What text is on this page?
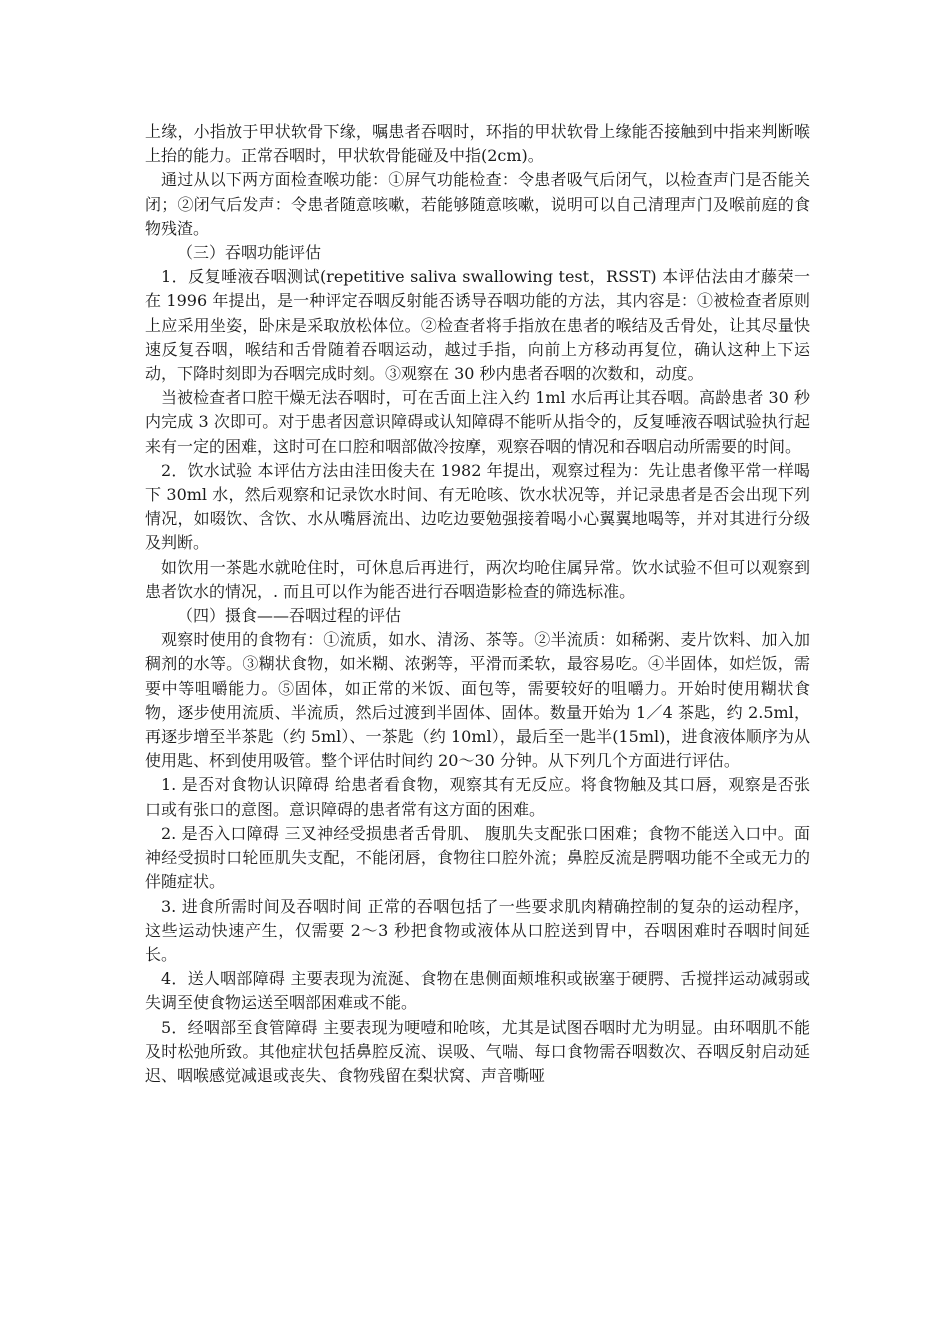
上缘，小指放于甲状软骨下缘，嘱患者吞咽时，环指的甲状软骨上缘能否接触到中指来判断喉上抬的能力。正常吞咽时，甲状软骨能碰及中指(2cm)。

通过从以下两方面检查喉功能：①屏气功能检查：令患者吸气后闭气，以检查声门是否能关闭；②闭气后发声：令患者随意咳嗽，若能够随意咳嗽，说明可以自己清理声门及喉前庭的食物残渣。

（三）吞咽功能评估

1．反复唾液吞咽测试(repetitive saliva swallowing test，RSST) 本评估法由才藤荣一在 1996 年提出，是一种评定吞咽反射能否诱导吞咽功能的方法，其内容是：①被检查者原则上应采用坐姿，卧床是采取放松体位。②检查者将手指放在患者的喉结及舌骨处，让其尽量快速反复吞咽，喉结和舌骨随着吞咽运动，越过手指，向前上方移动再复位，确认这种上下运动，下降时刻即为吞咽完成时刻。③观察在 30 秒内患者吞咽的次数和，动度。

当被检查者口腔干燥无法吞咽时，可在舌面上注入约 1ml 水后再让其吞咽。高龄患者 30 秒内完成 3 次即可。对于患者因意识障碍或认知障碍不能听从指令的，反复唾液吞咽试验执行起来有一定的困难，这时可在口腔和咽部做冷按摩，观察吞咽的情况和吞咽启动所需要的时间。

2．饮水试验 本评估方法由洼田俊夫在 1982 年提出，观察过程为：先让患者像平常一样喝下 30ml 水，然后观察和记录饮水时间、有无呛咳、饮水状况等，并记录患者是否会出现下列情况，如啜饮、含饮、水从嘴唇流出、边吃边要勉强接着喝小心翼翼地喝等，并对其进行分级及判断。

如饮用一茶匙水就呛住时，可休息后再进行，两次均呛住属异常。饮水试验不但可以观察到患者饮水的情况，. 而且可以作为能否进行吞咽造影检查的筛选标准。

（四）摄食——吞咽过程的评估

观察时使用的食物有：①流质，如水、清汤、茶等。②半流质：如稀粥、麦片饮料、加入加稠剂的水等。③糊状食物，如米糊、浓粥等，平滑而柔软，最容易吃。④半固体，如烂饭，需要中等咀嚼能力。⑤固体，如正常的米饭、面包等，需要较好的咀嚼力。开始时使用糊状食物，逐步使用流质、半流质，然后过渡到半固体、固体。数量开始为 1／4 茶匙，约 2.5ml，再逐步增至半茶匙（约 5ml）、一茶匙（约 10ml），最后至一匙半(15ml)，进食液体顺序为从使用匙、杯到使用吸管。整个评估时间约 20～30 分钟。从下列几个方面进行评估。

1. 是否对食物认识障碍 给患者看食物，观察其有无反应。将食物触及其口唇，观察是否张口或有张口的意图。意识障碍的患者常有这方面的困难。

2. 是否入口障碍 三叉神经受损患者舌骨肌、 腹肌失支配张口困难；食物不能送入口中。面神经受损时口轮匝肌失支配，不能闭唇，食物往口腔外流；鼻腔反流是腭咽功能不全或无力的伴随症状。

3. 进食所需时间及吞咽时间 正常的吞咽包括了一些要求肌肉精确控制的复杂的运动程序，这些运动快速产生，仅需要 2～3 秒把食物或液体从口腔送到胃中，吞咽困难时吞咽时间延长。

4．送人咽部障碍 主要表现为流涎、食物在患侧面颊堆积或嵌塞于硬腭、舌搅拌运动减弱或失调至使食物运送至咽部困难或不能。

5．经咽部至食管障碍 主要表现为哽噎和呛咳，尤其是试图吞咽时尤为明显。由环咽肌不能及时松弛所致。其他症状包括鼻腔反流、误吸、气喘、每口食物需吞咽数次、吞咽反射启动延迟、咽喉感觉减退或丧失、食物残留在梨状窝、声音嘶哑
